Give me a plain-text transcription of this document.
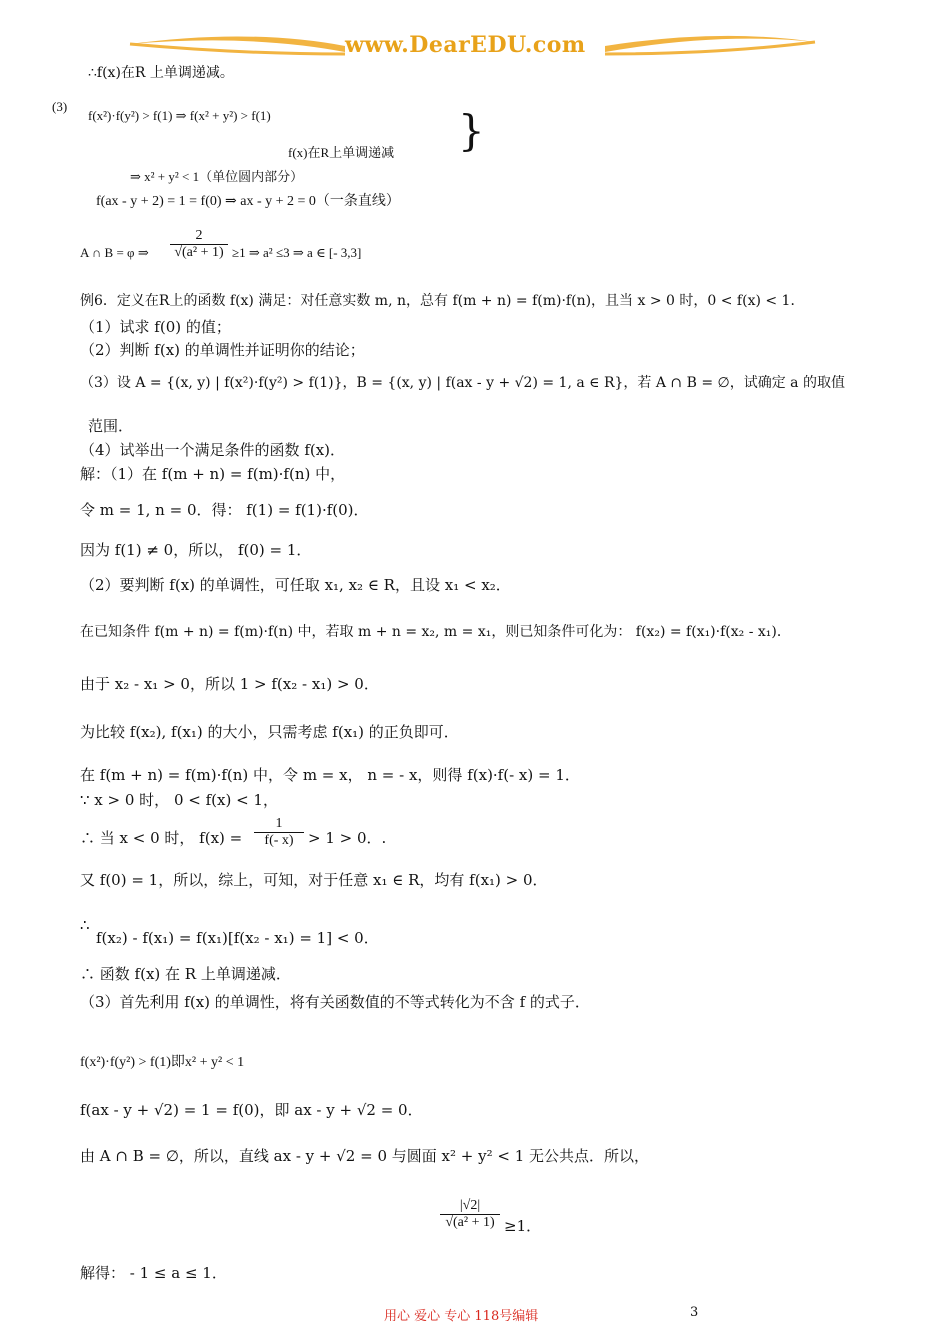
www.DearEDU.com
∴f(x)在R 上单调递减。
(3)
f(x²)·f(y²) > f(1) ⇒ f(x² + y²) > f(1)	}
f(x)在R上单调递减
⇒ x² + y² < 1（单位圆内部分）
f(ax - y + 2) = 1 = f(0) ⇒ ax - y + 2 = 0（一条直线）
A ∩ B = φ ⇒ $\frac{2}{\text{√(a² + 1)}} \ge 1$ ⇒ a² ≤3 ⇒ a ∈ [- 3,3]
例6．定义在R上的函数 f(x) 满足：对任意实数 m, n，总有 f(m + n) = f(m)·f(n)，且当 x > 0 时，0 < f(x) < 1．
（1）试求 f(0) 的值；
（2）判断 f(x) 的单调性并证明你的结论；
（3）设 A = {(x, y) | f(x²)·f(y²) > f(1)}，B = {(x, y) | f(ax - y + √2) = 1, a ∈ R}，若 A ∩ B = ∅，试确定 a 的取值
范围．
（4）试举出一个满足条件的函数 f(x)．
解：（1）在 f(m + n) = f(m)·f(n) 中，
令 m = 1, n = 0．得： f(1) = f(1)·f(0)．
因为 f(1) ≠ 0，所以， f(0) = 1．
（2）要判断 f(x) 的单调性，可任取 x₁, x₂ ∈ R，且设 x₁ < x₂．
在已知条件 f(m + n) = f(m)·f(n) 中，若取 m + n = x₂, m = x₁，则已知条件可化为： f(x₂) = f(x₁)·f(x₂ - x₁)．
由于 x₂ - x₁ > 0，所以 1 > f(x₂ - x₁) > 0．
为比较 f(x₂), f(x₁) 的大小，只需考虑 f(x₁) 的正负即可．
在 f(m + n) = f(m)·f(n) 中，令 m = x， n = - x，则得 f(x)·f(- x) = 1．
∵ x > 0 时， 0 < f(x) < 1，
∴ 当 x < 0 时， $f(x) = \frac{1}{f(- x)} > 1 > 0$．.
又 f(0) = 1，所以，综上，可知，对于任意 x₁ ∈ R，均有 f(x₁) > 0．
∴
f(x₂) - f(x₁) = f(x₁)[f(x₂ - x₁) = 1] < 0．
∴ 函数 f(x) 在 R 上单调递减．
（3）首先利用 f(x) 的单调性，将有关函数值的不等式转化为不含 f 的式子．
f(x²)·f(y²) > f(1)即x² + y² < 1
f(ax - y + √2) = 1 = f(0)，即 ax - y + √2 = 0．
由 A ∩ B = ∅，所以，直线 ax - y + √2 = 0 与圆面 x² + y² < 1 无公共点．所以，
$\frac{|√2|}{\text{√(a² + 1)}} \ge 1$．
解得： - 1 ≤ a ≤ 1．
用心 爱心 专心 118号编辑	3
